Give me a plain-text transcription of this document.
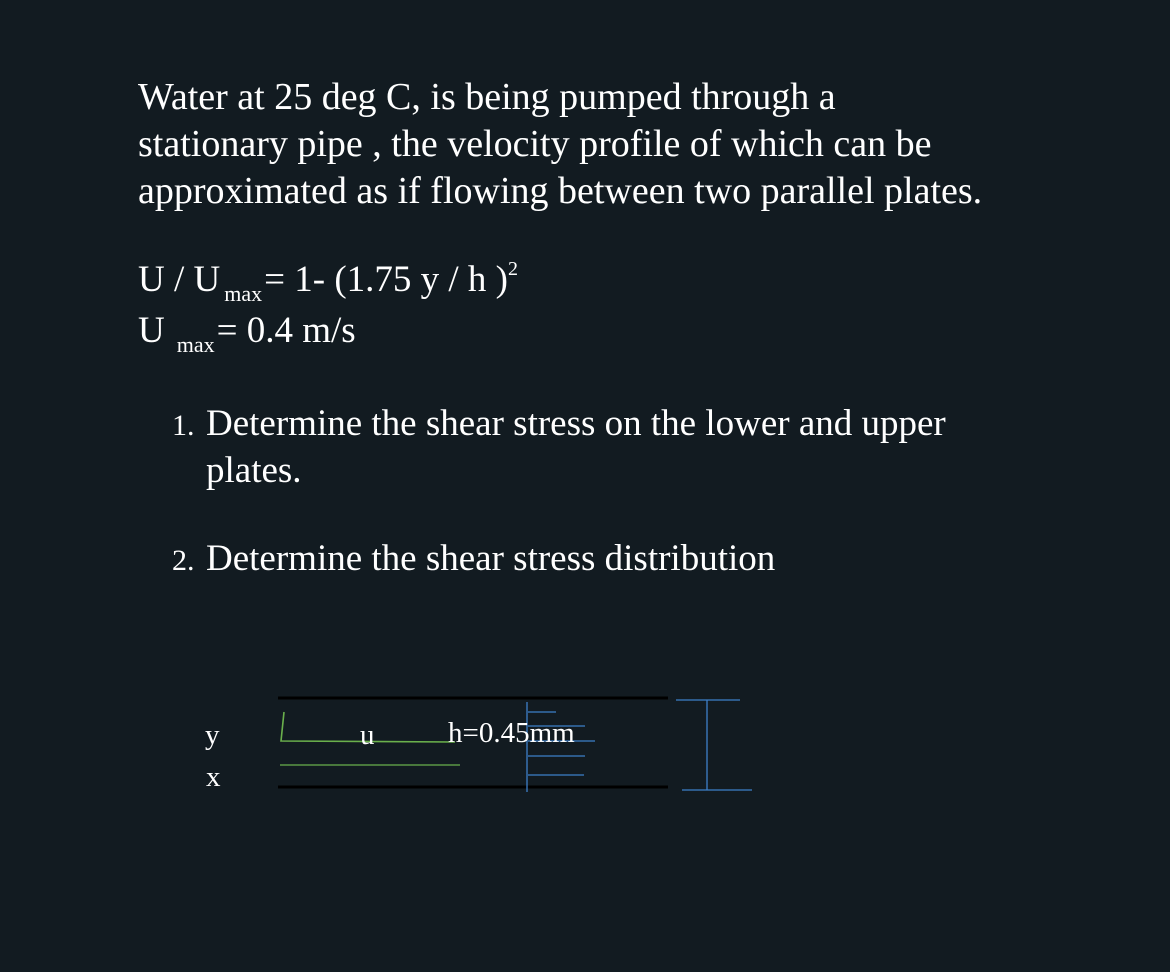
Water at 25 deg C, is being pumped through a
stationary pipe , the velocity profile of which can be
approximated as if flowing between two parallel plates.
U / U $_{max}$= 1- (1.75 y / h )$^2$
U $_{max}$= 0.4 m/s
1. Determine the shear stress on the lower and upper
plates.
2. Determine the shear stress distribution
y
x
u	h=0.45mm
